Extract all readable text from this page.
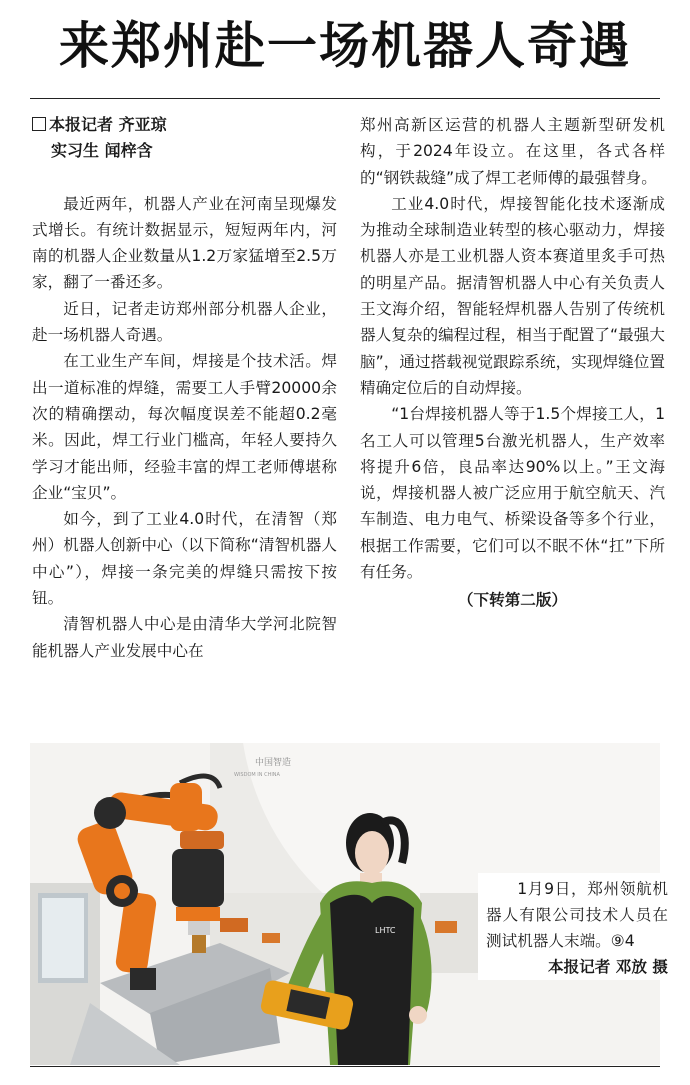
来郑州赴一场机器人奇遇
本报记者 齐亚琼
实习生 闻梓含

最近两年，机器人产业在河南呈现爆发式增长。有统计数据显示，短短两年内，河南的机器人企业数量从1.2万家猛增至2.5万家，翻了一番还多。

近日，记者走访郑州部分机器人企业，赴一场机器人奇遇。

在工业生产车间，焊接是个技术活。焊出一道标准的焊缝，需要工人手臂20000余次的精确摆动，每次幅度误差不能超0.2毫米。因此，焊工行业门槛高，年轻人要持久学习才能出师，经验丰富的焊工老师傅堪称企业“宝贝”。

如今，到了工业4.0时代，在清智（郑州）机器人创新中心（以下简称“清智机器人中心”），焊接一条完美的焊缝只需按下按钮。

清智机器人中心是由清华大学河北院智能机器人产业发展中心在

郑州高新区运营的机器人主题新型研发机构，于2024年设立。在这里，各式各样的“钢铁裁缝”成了焊工老师傅的最强替身。

工业4.0时代，焊接智能化技术逐渐成为推动全球制造业转型的核心驱动力，焊接机器人亦是工业机器人资本赛道里炙手可热的明星产品。据清智机器人中心有关负责人王文海介绍，智能轻焊机器人告别了传统机器人复杂的编程过程，相当于配置了“最强大脑”，通过搭载视觉跟踪系统，实现焊缝位置精确定位后的自动焊接。

“1台焊接机器人等于1.5个焊接工人，1名工人可以管理5台激光机器人，生产效率将提升6倍，良品率达90%以上。”王文海说，焊接机器人被广泛应用于航空航天、汽车制造、电力电气、桥梁设备等多个行业，根据工作需要，它们可以不眠不休“扛”下所有任务。

（下转第二版）
中国智造
WISDOM IN CHINA
LHTC

1月9日，郑州领航机器人有限公司技术人员在测试机器人末端。⑨4

本报记者 邓放 摄
